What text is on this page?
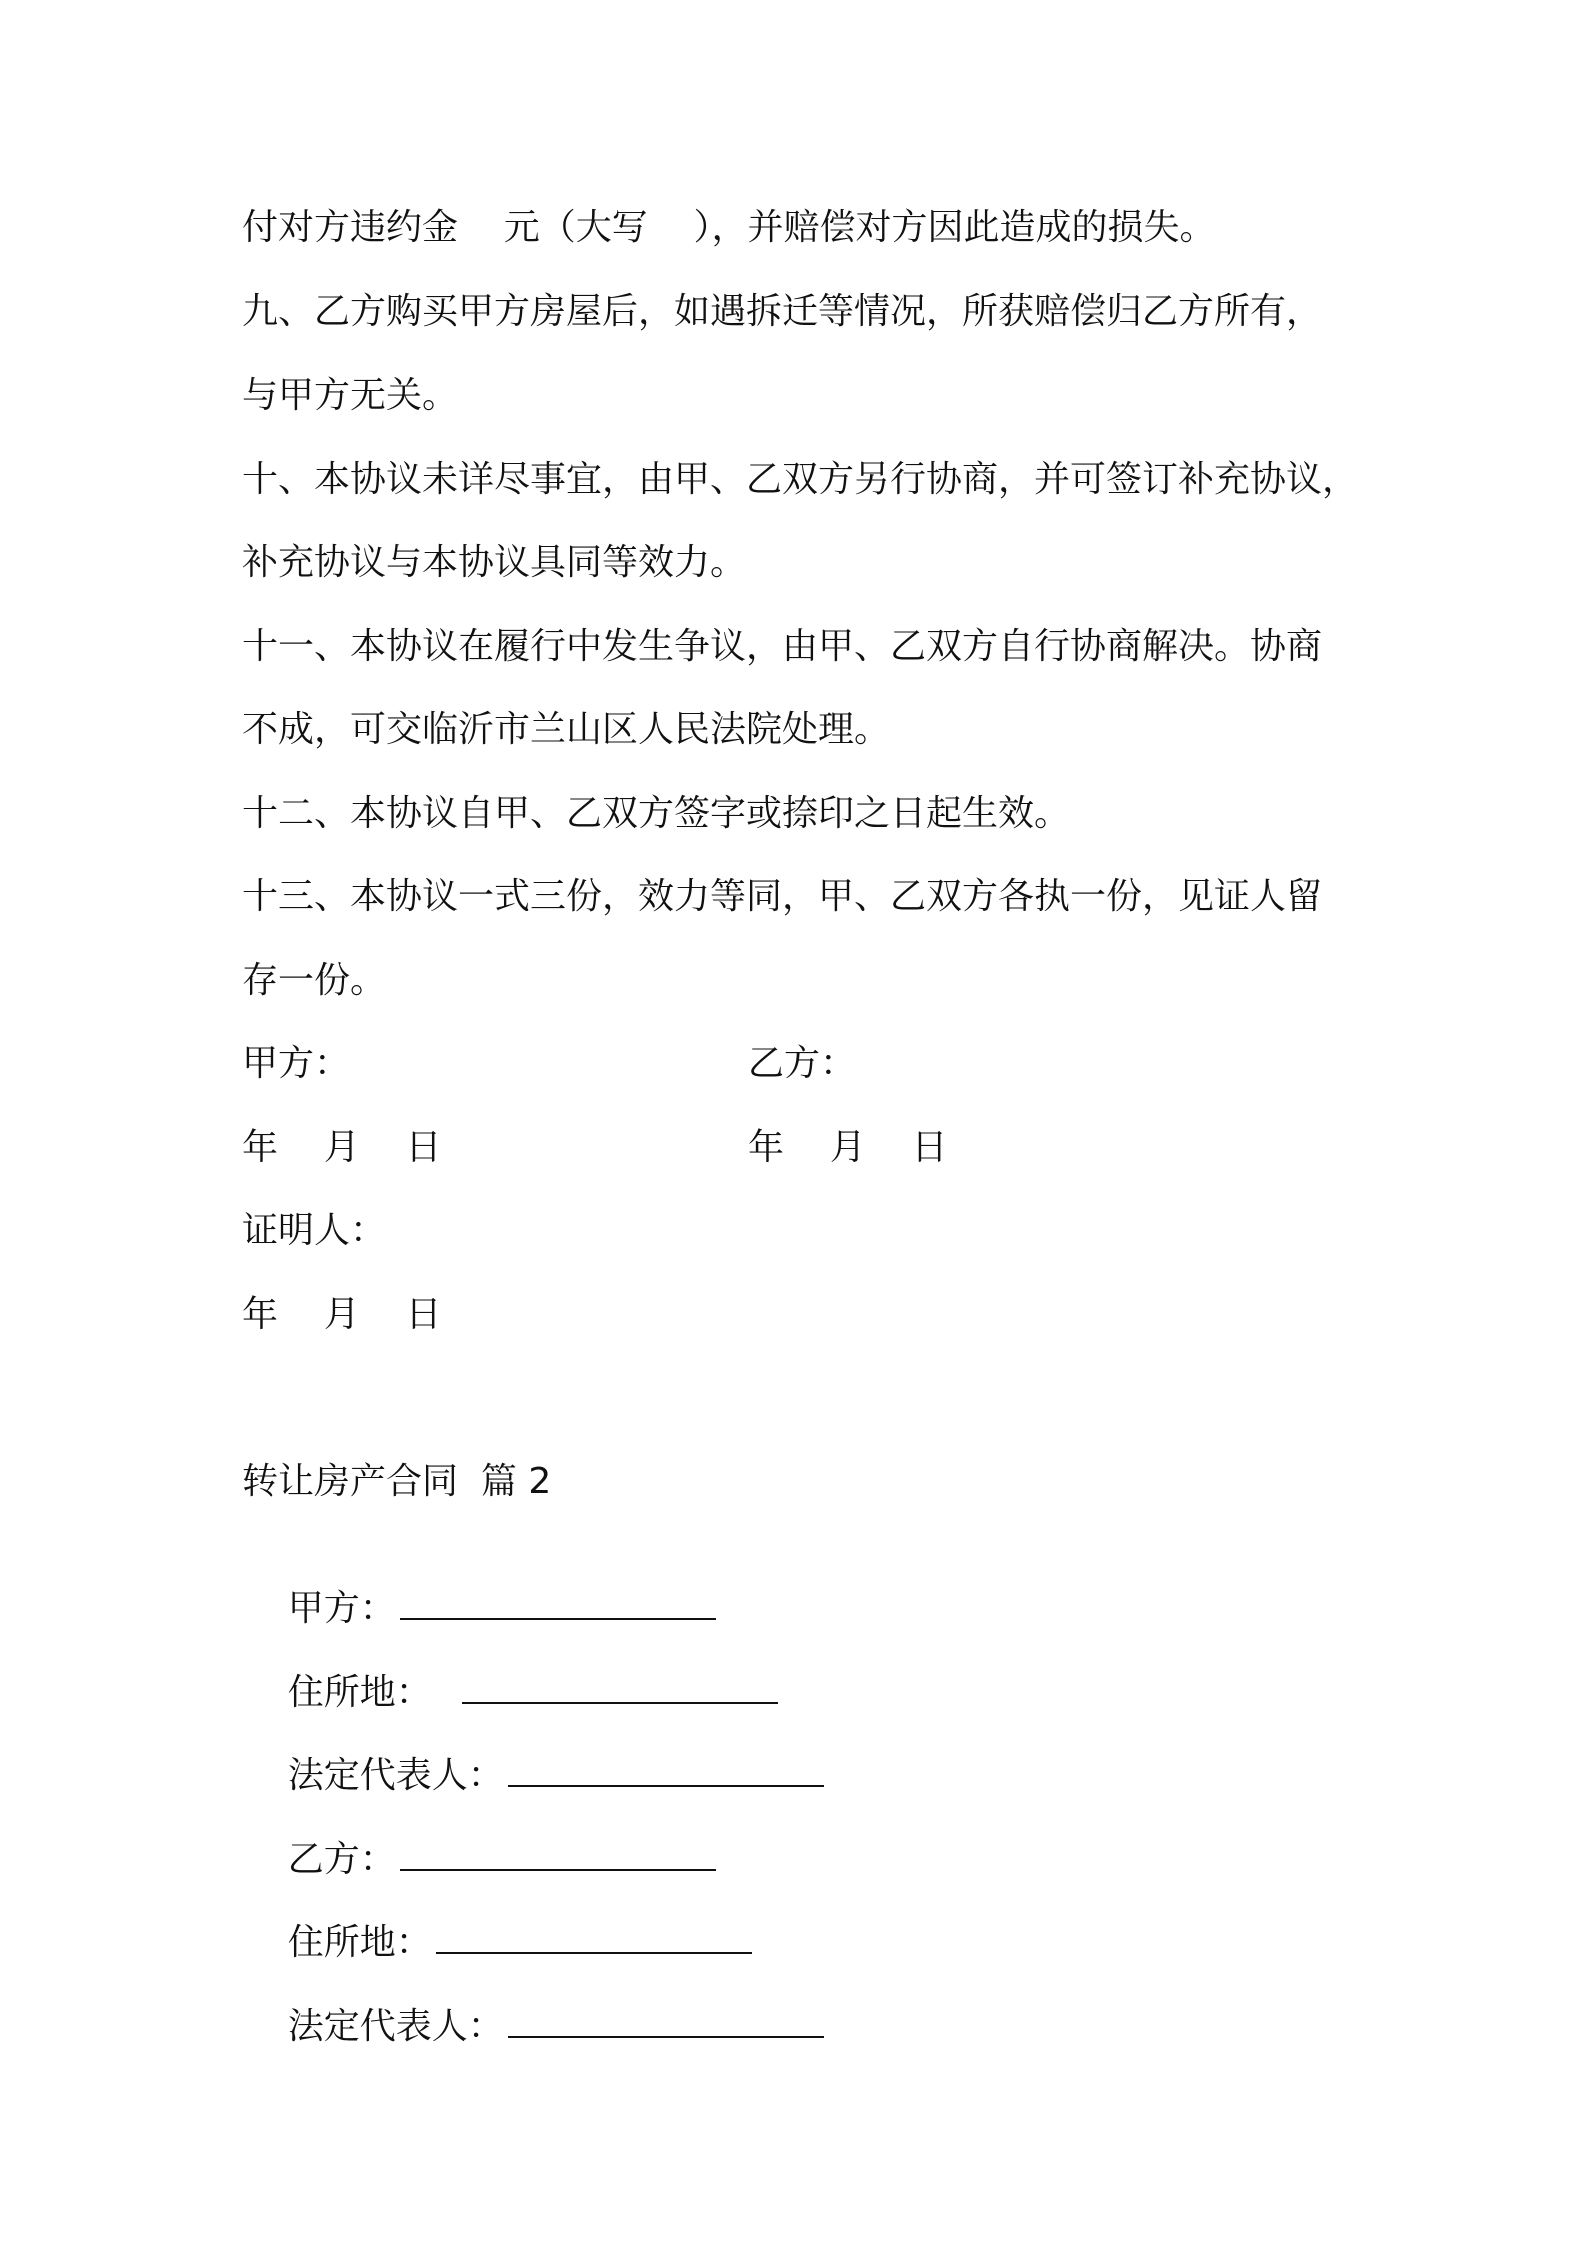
付对方违约金    元（大写    ），并赔偿对方因此造成的损失。
九、乙方购买甲方房屋后，如遇拆迁等情况，所获赔偿归乙方所有，
与甲方无关。
十、本协议未详尽事宜，由甲、乙双方另行协商，并可签订补充协议，
补充协议与本协议具同等效力。
十一、本协议在履行中发生争议，由甲、乙双方自行协商解决。协商
不成，可交临沂市兰山区人民法院处理。
十二、本协议自甲、乙双方签字或捺印之日起生效。
十三、本协议一式三份，效力等同，甲、乙双方各执一份，见证人留
存一份。
甲方：	乙方：
年    月    日	年    月    日
证明人：
年    月    日
转让房产合同  篇 2

甲方：

住所地：

法定代表人：

乙方：

住所地：

法定代表人：
